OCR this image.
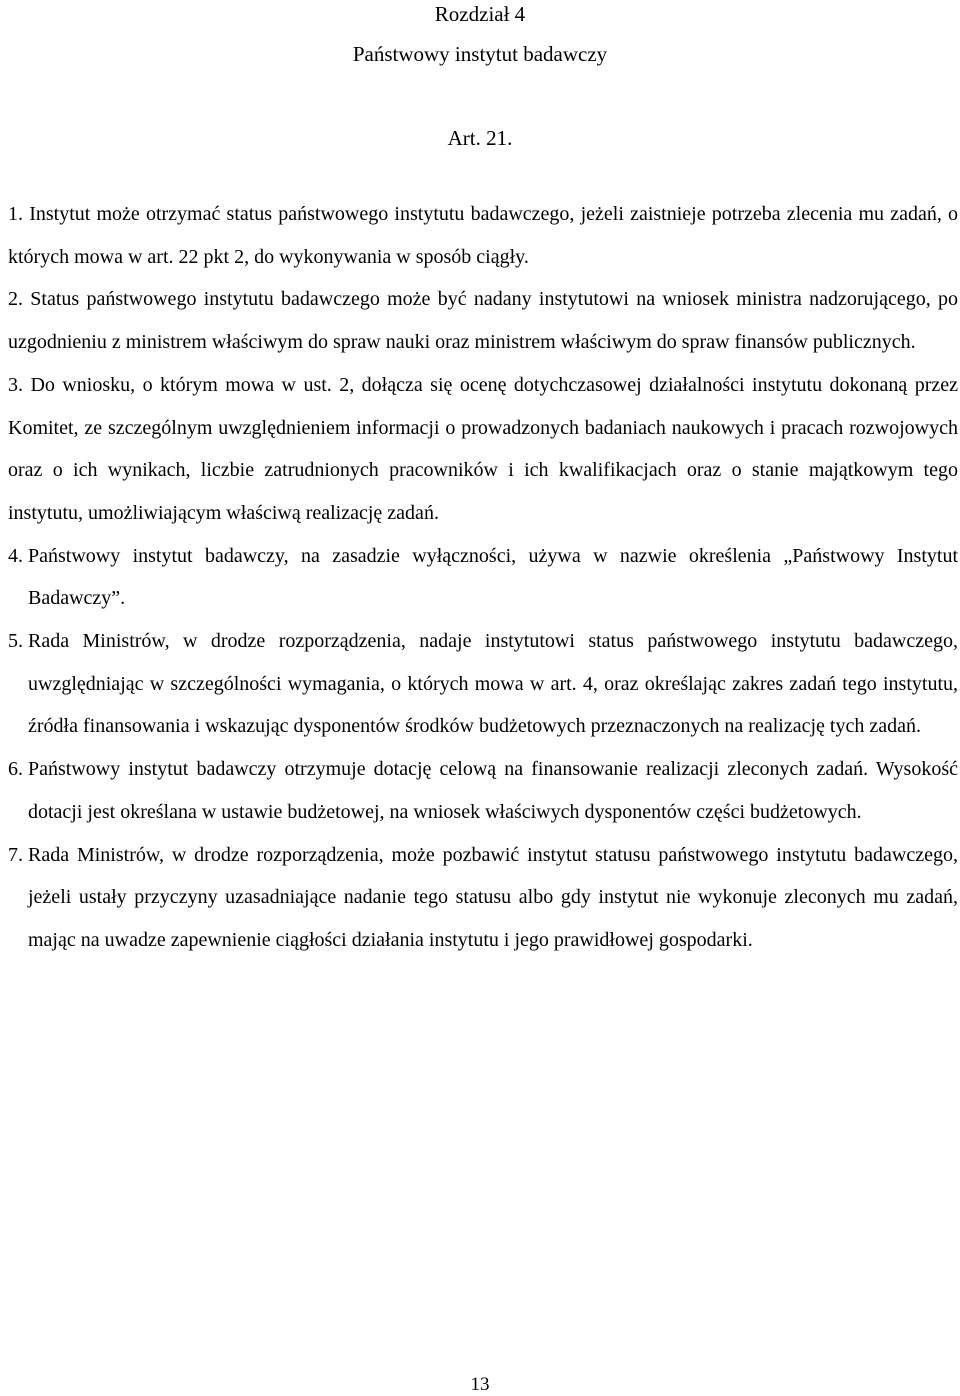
Rozdział 4

Państwowy instytut badawczy

Art. 21.

1. Instytut może otrzymać status państwowego instytutu badawczego, jeżeli zaistnieje potrzeba zlecenia mu zadań, o których mowa w art. 22 pkt 2, do wykonywania w sposób ciągły.

2. Status państwowego instytutu badawczego może być nadany instytutowi na wniosek ministra nadzorującego, po uzgodnieniu z ministrem właściwym do spraw nauki oraz ministrem właściwym do spraw finansów publicznych.

3. Do wniosku, o którym mowa w ust. 2, dołącza się ocenę dotychczasowej działalności instytutu dokonaną przez Komitet, ze szczególnym uwzględnieniem informacji o prowadzonych badaniach naukowych i pracach rozwojowych oraz o ich wynikach, liczbie zatrudnionych pracowników i ich kwalifikacjach oraz o stanie majątkowym tego instytutu, umożliwiającym właściwą realizację zadań.

4. Państwowy instytut badawczy, na zasadzie wyłączności, używa w nazwie określenia „Państwowy Instytut Badawczy”.
5. Rada Ministrów, w drodze rozporządzenia, nadaje instytutowi status państwowego instytutu badawczego, uwzględniając w szczególności wymagania, o których mowa w art. 4, oraz określając zakres zadań tego instytutu, źródła finansowania i wskazując dysponentów środków budżetowych przeznaczonych na realizację tych zadań.
6. Państwowy instytut badawczy otrzymuje dotację celową na finansowanie realizacji zleconych zadań. Wysokość dotacji jest określana w ustawie budżetowej, na wniosek właściwych dysponentów części budżetowych.
7. Rada Ministrów, w drodze rozporządzenia, może pozbawić instytut statusu państwowego instytutu badawczego, jeżeli ustały przyczyny uzasadniające nadanie tego statusu albo gdy instytut nie wykonuje zleconych mu zadań, mając na uwadze zapewnienie ciągłości działania instytutu i jego prawidłowej gospodarki.
13
